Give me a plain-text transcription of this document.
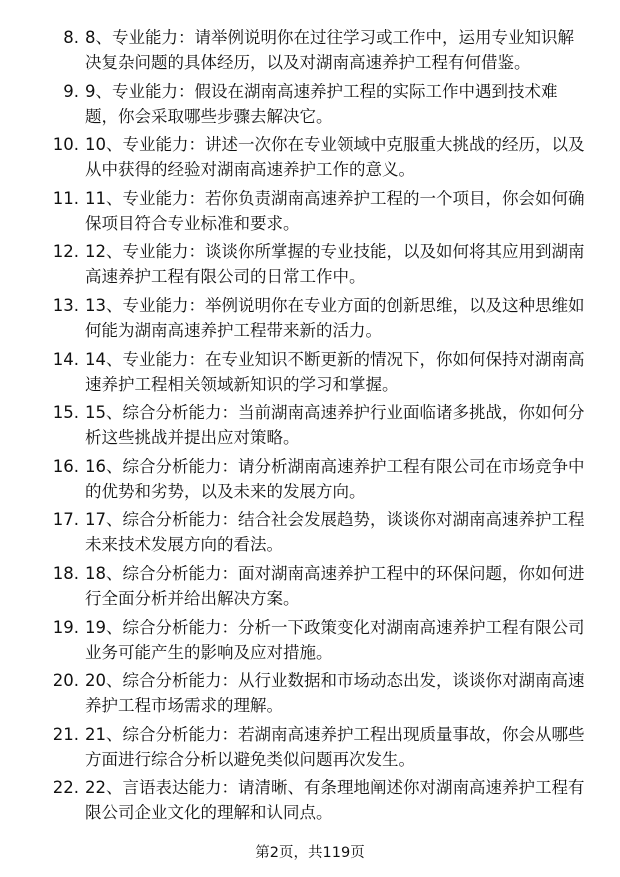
8. 8、专业能力：请举例说明你在过往学习或工作中，运用专业知识解决复杂问题的具体经历，以及对湖南高速养护工程有何借鉴。
9. 9、专业能力：假设在湖南高速养护工程的实际工作中遇到技术难题，你会采取哪些步骤去解决它。
10. 10、专业能力：讲述一次你在专业领域中克服重大挑战的经历，以及从中获得的经验对湖南高速养护工作的意义。
11. 11、专业能力：若你负责湖南高速养护工程的一个项目，你会如何确保项目符合专业标准和要求。
12. 12、专业能力：谈谈你所掌握的专业技能，以及如何将其应用到湖南高速养护工程有限公司的日常工作中。
13. 13、专业能力：举例说明你在专业方面的创新思维，以及这种思维如何能为湖南高速养护工程带来新的活力。
14. 14、专业能力：在专业知识不断更新的情况下，你如何保持对湖南高速养护工程相关领域新知识的学习和掌握。
15. 15、综合分析能力：当前湖南高速养护行业面临诸多挑战，你如何分析这些挑战并提出应对策略。
16. 16、综合分析能力：请分析湖南高速养护工程有限公司在市场竞争中的优势和劣势，以及未来的发展方向。
17. 17、综合分析能力：结合社会发展趋势，谈谈你对湖南高速养护工程未来技术发展方向的看法。
18. 18、综合分析能力：面对湖南高速养护工程中的环保问题，你如何进行全面分析并给出解决方案。
19. 19、综合分析能力：分析一下政策变化对湖南高速养护工程有限公司业务可能产生的影响及应对措施。
20. 20、综合分析能力：从行业数据和市场动态出发，谈谈你对湖南高速养护工程市场需求的理解。
21. 21、综合分析能力：若湖南高速养护工程出现质量事故，你会从哪些方面进行综合分析以避免类似问题再次发生。
22. 22、言语表达能力：请清晰、有条理地阐述你对湖南高速养护工程有限公司企业文化的理解和认同点。
第2页，共119页
